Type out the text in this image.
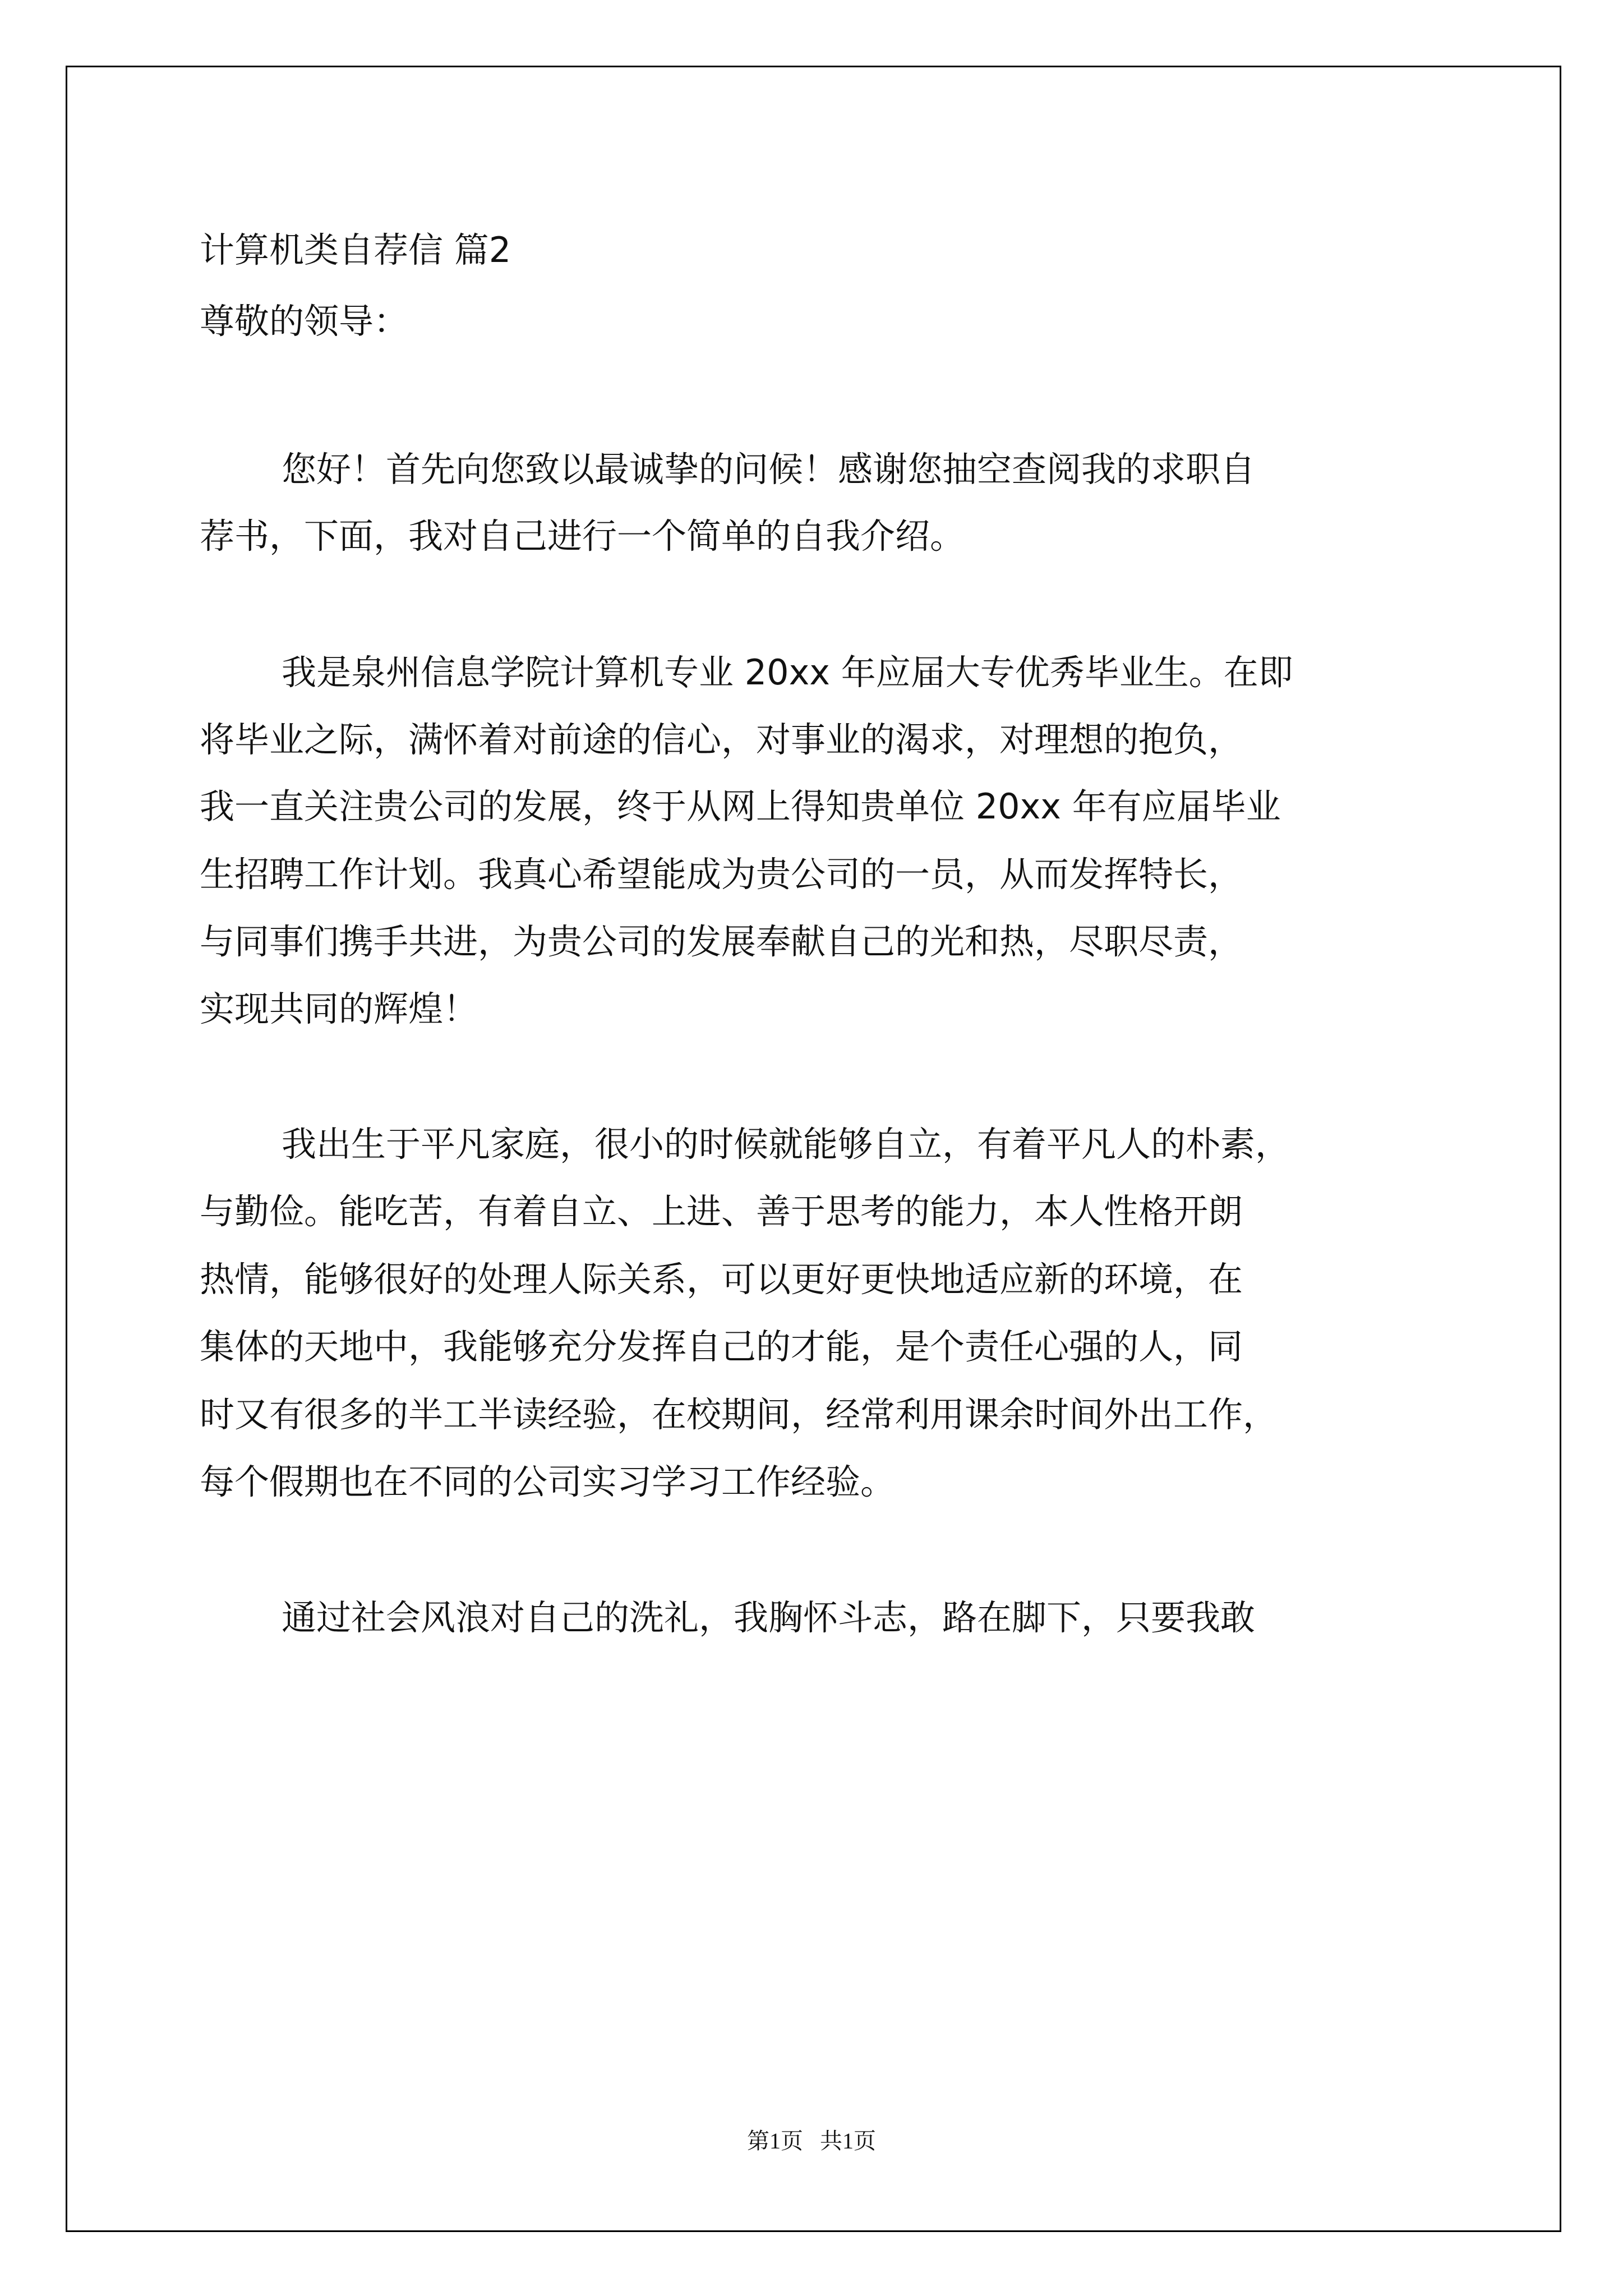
计算机类自荐信 篇2
尊敬的领导：
您好！首先向您致以最诚挚的问候！感谢您抽空查阅我的求职自
荐书，下面，我对自己进行一个简单的自我介绍。
我是泉州信息学院计算机专业 20xx 年应届大专优秀毕业生。在即
将毕业之际，满怀着对前途的信心，对事业的渴求，对理想的抱负，
我一直关注贵公司的发展，终于从网上得知贵单位 20xx 年有应届毕业
生招聘工作计划。我真心希望能成为贵公司的一员，从而发挥特长，
与同事们携手共进，为贵公司的发展奉献自己的光和热，尽职尽责，
实现共同的辉煌！
我出生于平凡家庭，很小的时候就能够自立，有着平凡人的朴素，
与勤俭。能吃苦，有着自立、上进、善于思考的能力，本人性格开朗
热情，能够很好的处理人际关系，可以更好更快地适应新的环境，在
集体的天地中，我能够充分发挥自己的才能，是个责任心强的人，同
时又有很多的半工半读经验，在校期间，经常利用课余时间外出工作，
每个假期也在不同的公司实习学习工作经验。
通过社会风浪对自己的洗礼，我胸怀斗志，路在脚下，只要我敢
第1页   共1页
